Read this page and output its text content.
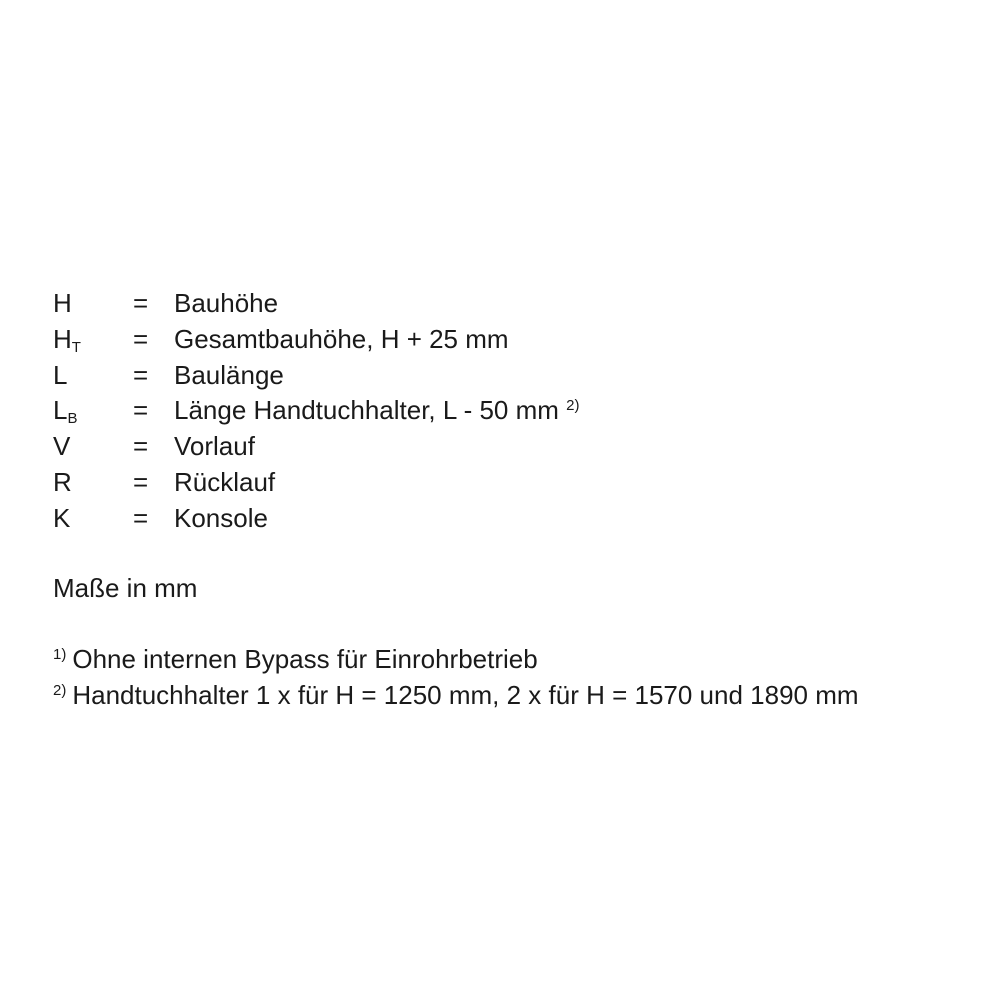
H = Bauhöhe
$H_T$ = Gesamtbauhöhe, H + 25 mm
L	= Baulänge
$L_B$ = Länge Handtuchhalter, L - 50 mm $^{2)}$
V = Vorlauf
R = Rücklauf
K = Konsole
Maße in mm
$^{1)}$ Ohne internen Bypass für Einrohrbetrieb
$^{2)}$ Handtuchhalter 1 x für H = 1250 mm, 2 x für H = 1570 und 1890 mm
